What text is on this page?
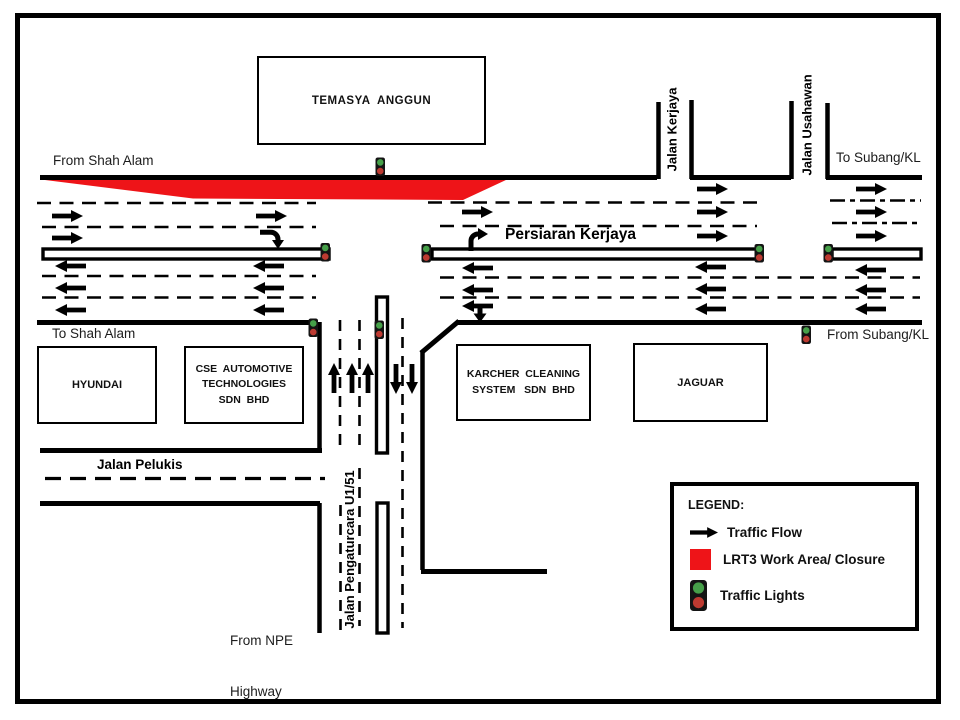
TEMASYA  ANGGUN
HYUNDAI
CSE  AUTOMOTIVE
TECHNOLOGIES
SDN  BHD
KARCHER  CLEANING
SYSTEM   SDN  BHD
JAGUAR
From Shah Alam
To Shah Alam
To Subang/KL
From Subang/KL

From NPE

Highway

Persiaran Kerjaya
Jalan Pelukis
Jalan Kerjaya	Jalan Usahawan
Jalan Pengaturcara U1/51	LEGEND:
Traffic Flow
LRT3 Work Area/ Closure
Traffic Lights
